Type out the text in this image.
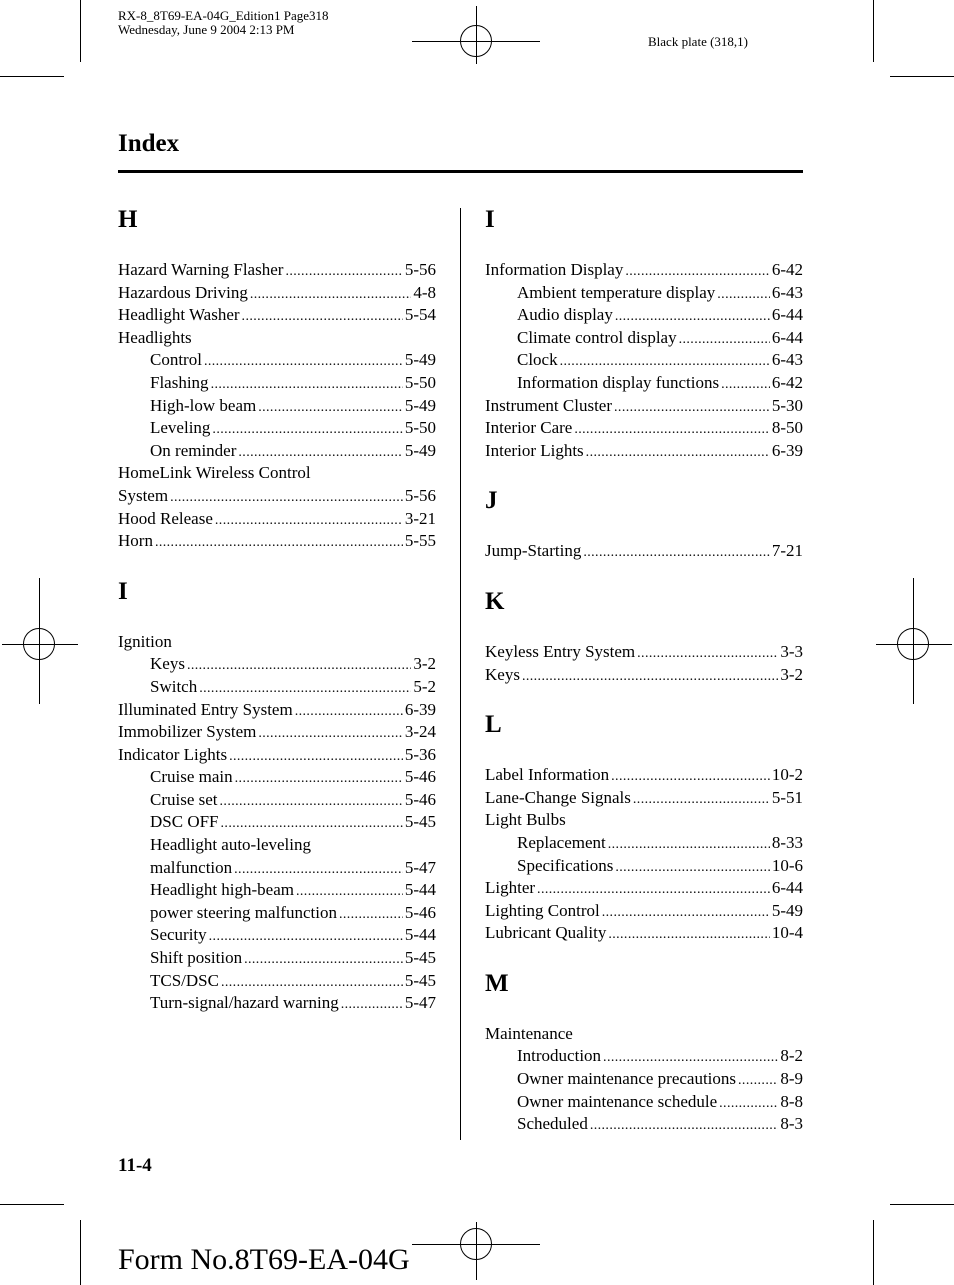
RX-8_8T69-EA-04G_Edition1 Page318
Wednesday, June 9 2004 2:13 PM
Black plate (318,1)
Index
H
Hazard Warning Flasher .....	5-56
Hazardous Driving .....	4-8
Headlight Washer .....	5-54
Headlights
Control .....	5-49
Flashing .....	5-50
High-low beam .....	5-49
Leveling .....	5-50
On reminder .....	5-49
HomeLink Wireless Control
System .....	5-56
Hood Release .....	3-21
Horn .....	5-55
I
Ignition
Keys .....	3-2
Switch .....	5-2
Illuminated Entry System .....	6-39
Immobilizer System .....	3-24
Indicator Lights .....	5-36
Cruise main .....	5-46
Cruise set .....	5-46
DSC OFF .....	5-45
Headlight auto-leveling
malfunction .....	5-47
Headlight high-beam .....	5-44
power steering malfunction .....	5-46
Security .....	5-44
Shift position .....	5-45
TCS/DSC .....	5-45
Turn-signal/hazard warning .....	5-47
I
Information Display .....	6-42
Ambient temperature display .....	6-43
Audio display .....	6-44
Climate control display .....	6-44
Clock .....	6-43
Information display functions .....	6-42
Instrument Cluster .....	5-30
Interior Care .....	8-50
Interior Lights .....	6-39
J
Jump-Starting .....	7-21
K
Keyless Entry System .....	3-3
Keys .....	3-2
L
Label Information .....	10-2
Lane-Change Signals .....	5-51
Light Bulbs
Replacement .....	8-33
Specifications .....	10-6
Lighter .....	6-44
Lighting Control .....	5-49
Lubricant Quality .....	10-4
M
Maintenance
Introduction .....	8-2
Owner maintenance precautions .....	8-9
Owner maintenance schedule .....	8-8
Scheduled .....	8-3
11-4
Form No.8T69-EA-04G
